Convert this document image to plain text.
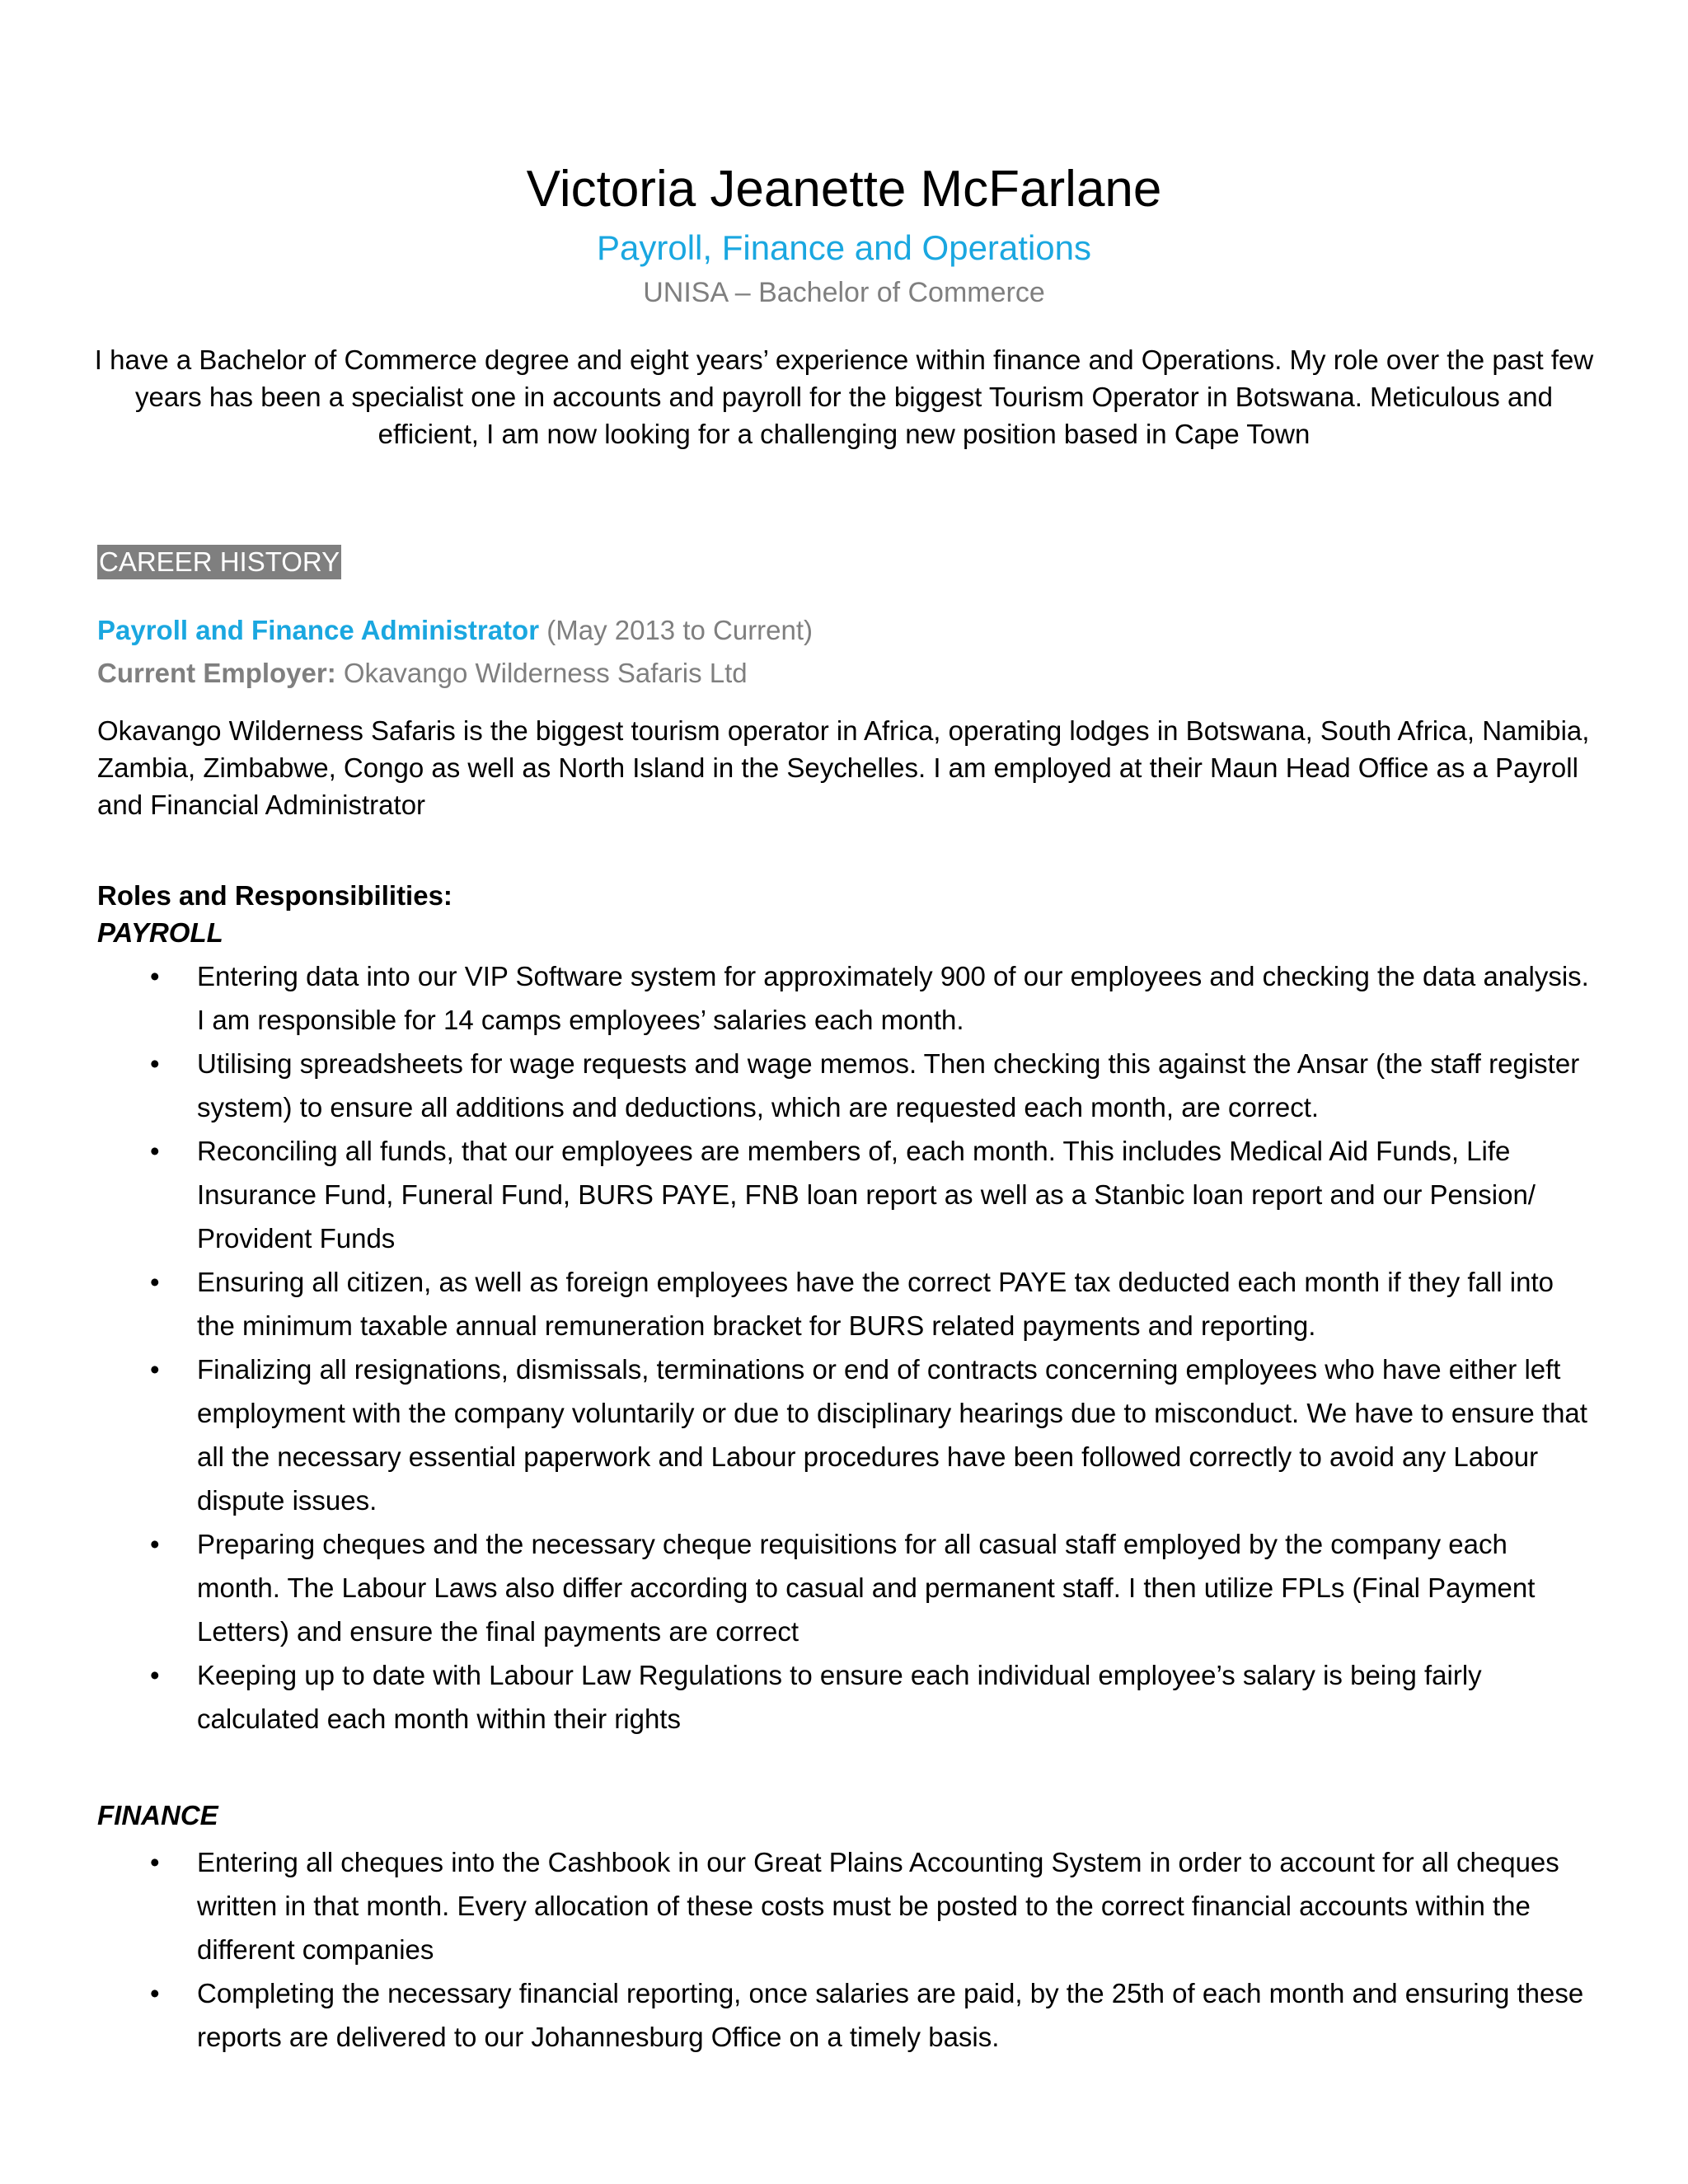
Victoria Jeanette McFarlane
Payroll, Finance and Operations
UNISA – Bachelor of Commerce
I have a Bachelor of Commerce degree and eight years’ experience within finance and Operations. My role over the past few years has been a specialist one in accounts and payroll for the biggest Tourism Operator in Botswana. Meticulous and efficient, I am now looking for a challenging new position based in Cape Town
CAREER HISTORY
Payroll and Finance Administrator (May 2013 to Current)
Current Employer: Okavango Wilderness Safaris Ltd
Okavango Wilderness Safaris is the biggest tourism operator in Africa, operating lodges in Botswana, South Africa, Namibia, Zambia, Zimbabwe, Congo as well as North Island in the Seychelles. I am employed at their Maun Head Office as a Payroll and Financial Administrator
Roles and Responsibilities:
PAYROLL
• Entering data into our VIP Software system for approximately 900 of our employees and checking the data analysis. I am responsible for 14 camps employees’ salaries each month.
• Utilising spreadsheets for wage requests and wage memos. Then checking this against the Ansar (the staff register system) to ensure all additions and deductions, which are requested each month, are correct.
• Reconciling all funds, that our employees are members of, each month. This includes Medical Aid Funds, Life Insurance Fund, Funeral Fund, BURS PAYE, FNB loan report as well as a Stanbic loan report and our Pension/ Provident Funds
• Ensuring all citizen, as well as foreign employees have the correct PAYE tax deducted each month if they fall into the minimum taxable annual remuneration bracket for BURS related payments and reporting.
• Finalizing all resignations, dismissals, terminations or end of contracts concerning employees who have either left employment with the company voluntarily or due to disciplinary hearings due to misconduct. We have to ensure that all the necessary essential paperwork and Labour procedures have been followed correctly to avoid any Labour dispute issues.
• Preparing cheques and the necessary cheque requisitions for all casual staff employed by the company each month. The Labour Laws also differ according to casual and permanent staff. I then utilize FPLs (Final Payment Letters) and ensure the final payments are correct
• Keeping up to date with Labour Law Regulations to ensure each individual employee’s salary is being fairly calculated each month within their rights
FINANCE
• Entering all cheques into the Cashbook in our Great Plains Accounting System in order to account for all cheques written in that month. Every allocation of these costs must be posted to the correct financial accounts within the different companies
• Completing the necessary financial reporting, once salaries are paid, by the 25th of each month and ensuring these reports are delivered to our Johannesburg Office on a timely basis.
